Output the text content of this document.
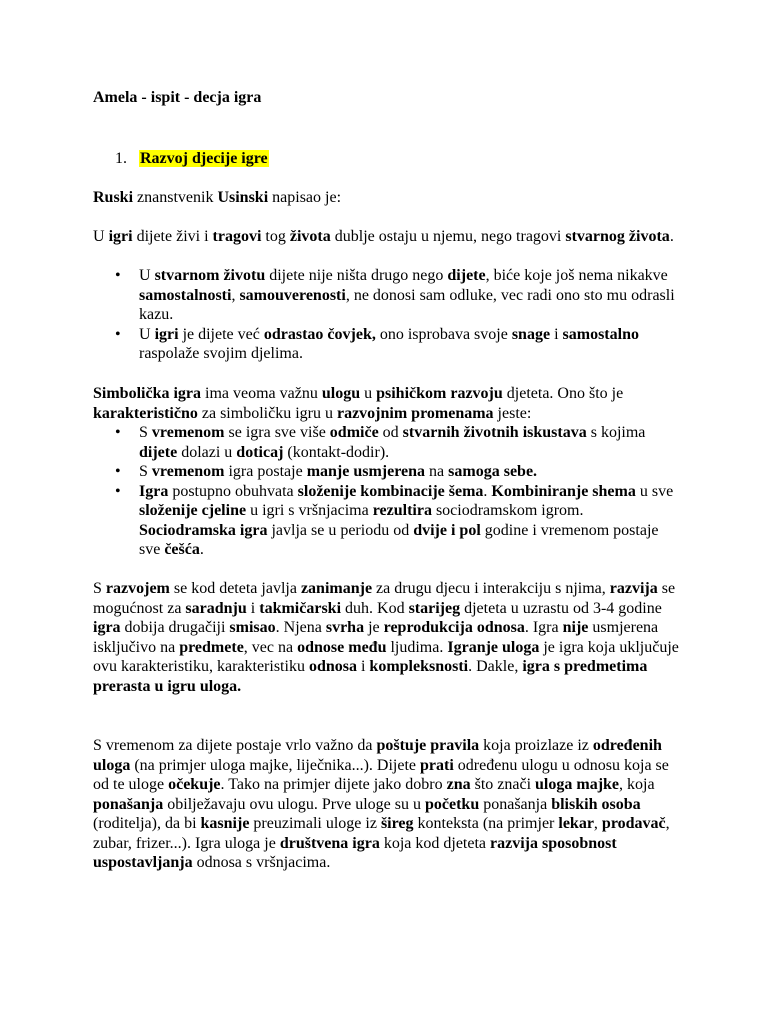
Amela - ispit - decja igra
1. Razvoj djecije igre

Ruski znanstvenik Usinski napisao je:

U igri dijete živi i tragovi tog života dublje ostaju u njemu, nego tragovi stvarnog života.

• U stvarnom životu dijete nije ništa drugo nego dijete, biće koje još nema nikakve samostalnosti, samouverenosti, ne donosi sam odluke, vec radi ono sto mu odrasli kazu.
• U igri je dijete već odrastao čovjek, ono isprobava svoje snage i samostalno raspolaže svojim djelima.

Simbolička igra ima veoma važnu ulogu u psihičkom razvoju djeteta. Ono što je karakteristično za simboličku igru u razvojnim promenama jeste:

• S vremenom se igra sve više odmiče od stvarnih životnih iskustava s kojima dijete dolazi u doticaj (kontakt-dodir).
• S vremenom igra postaje manje usmjerena na samoga sebe.
• Igra postupno obuhvata složenije kombinacije šema. Kombiniranje shema u sve složenije cjeline u igri s vršnjacima rezultira sociodramskom igrom. Sociodramska igra javlja se u periodu od dvije i pol godine i vremenom postaje sve češća.

S razvojem se kod deteta javlja zanimanje za drugu djecu i interakciju s njima, razvija se mogućnost za saradnju i takmičarski duh. Kod starijeg djeteta u uzrastu od 3-4 godine igra dobija drugačiji smisao. Njena svrha je reprodukcija odnosa. Igra nije usmjerena isključivo na predmete, vec na odnose među ljudima. Igranje uloga je igra koja uključuje ovu karakteristiku, karakteristiku odnosa i kompleksnosti. Dakle, igra s predmetima prerasta u igru uloga.

S vremenom za dijete postaje vrlo važno da poštuje pravila koja proizlaze iz određenih uloga (na primjer uloga majke, liječnika...). Dijete prati određenu ulogu u odnosu koja se od te uloge očekuje. Tako na primjer dijete jako dobro zna što znači uloga majke, koja ponašanja obilježavaju ovu ulogu. Prve uloge su u početku ponašanja bliskih osoba (roditelja), da bi kasnije preuzimali uloge iz šireg konteksta (na primjer lekar, prodavač, zubar, frizer...). Igra uloga je društvena igra koja kod djeteta razvija sposobnost uspostavljanja odnosa s vršnjacima.
